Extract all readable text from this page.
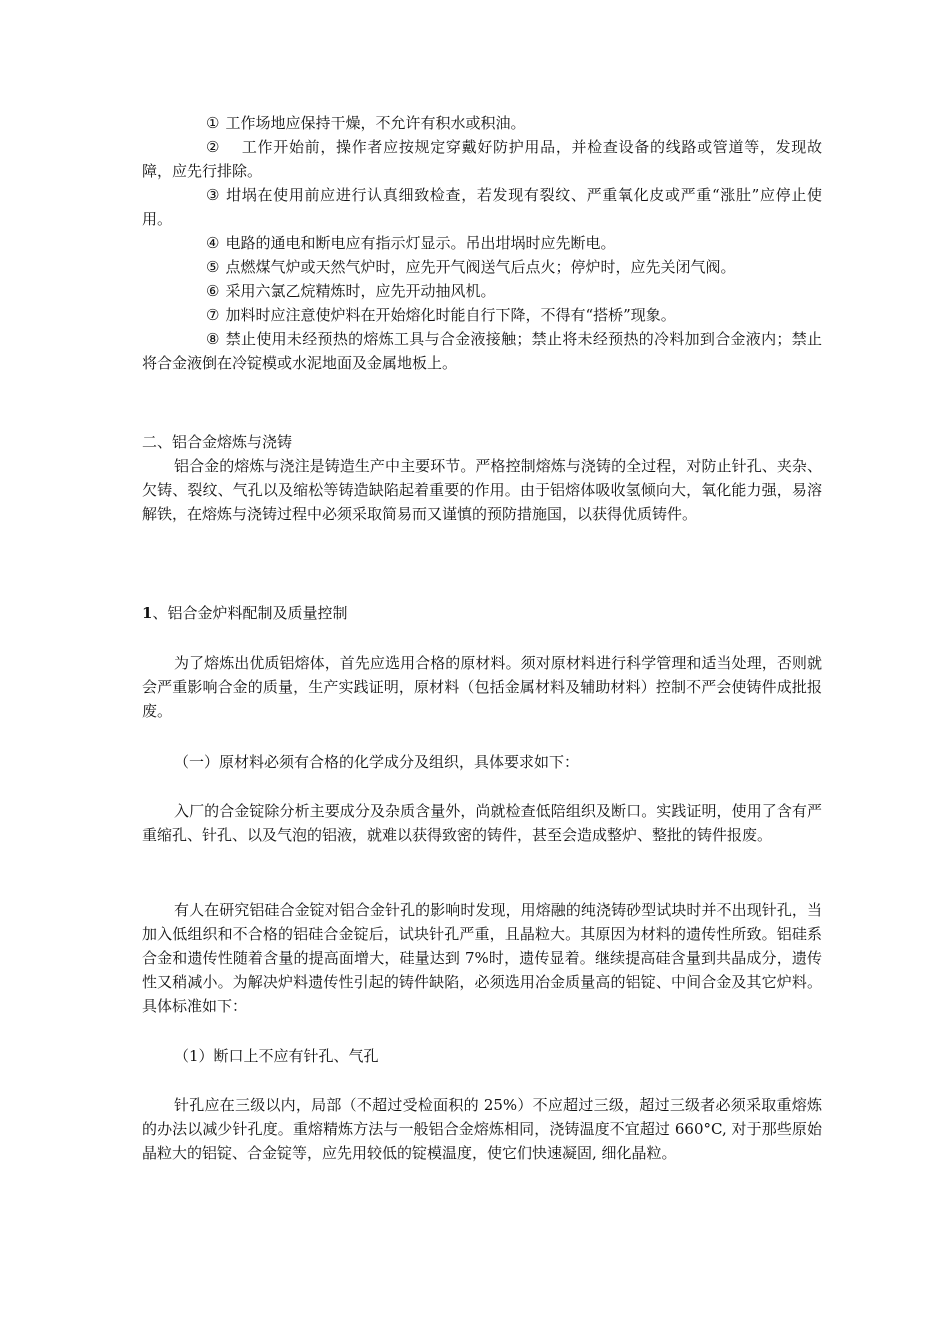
① 工作场地应保持干燥，不允许有积水或积油。

②　工作开始前，操作者应按规定穿戴好防护用品，并检查设备的线路或管道等，发现故障，应先行排除。

③ 坩埚在使用前应进行认真细致检查，若发现有裂纹、严重氧化皮或严重“涨肚”应停止使用。

④ 电路的通电和断电应有指示灯显示。吊出坩埚时应先断电。

⑤ 点燃煤气炉或天然气炉时，应先开气阀送气后点火；停炉时，应先关闭气阀。

⑥ 采用六氯乙烷精炼时，应先开动抽风机。

⑦ 加料时应注意使炉料在开始熔化时能自行下降，不得有“搭桥”现象。

⑧ 禁止使用未经预热的熔炼工具与合金液接触；禁止将未经预热的冷料加到合金液内；禁止将合金液倒在冷锭模或水泥地面及金属地板上。

二、铝合金熔炼与浇铸

铝合金的熔炼与浇注是铸造生产中主要环节。严格控制熔炼与浇铸的全过程，对防止针孔、夹杂、欠铸、裂纹、气孔以及缩松等铸造缺陷起着重要的作用。由于铝熔体吸收氢倾向大，氧化能力强，易溶解铁，在熔炼与浇铸过程中必须采取简易而又谨慎的预防措施国，以获得优质铸件。

1、铝合金炉料配制及质量控制

为了熔炼出优质铝熔体，首先应选用合格的原材料。须对原材料进行科学管理和适当处理，否则就会严重影响合金的质量，生产实践证明，原材料（包括金属材料及辅助材料）控制不严会使铸件成批报废。

（一）原材料必须有合格的化学成分及组织，具体要求如下：

入厂的合金锭除分析主要成分及杂质含量外，尚就检查低陪组织及断口。实践证明，使用了含有严重缩孔、针孔、以及气泡的铝液，就难以获得致密的铸件，甚至会造成整炉、整批的铸件报废。

有人在研究铝硅合金锭对铝合金针孔的影响时发现，用熔融的纯浇铸砂型试块时并不出现针孔，当加入低组织和不合格的铝硅合金锭后，试块针孔严重，且晶粒大。其原因为材料的遗传性所致。铝硅系合金和遗传性随着含量的提高面增大，硅量达到 7%时，遗传显着。继续提高硅含量到共晶成分，遗传性又稍减小。为解决炉料遗传性引起的铸件缺陷，必须选用冶金质量高的铝锭、中间合金及其它炉料。具体标准如下：

（1）断口上不应有针孔、气孔

针孔应在三级以内，局部（不超过受检面积的 25%）不应超过三级，超过三级者必须采取重熔炼的办法以减少针孔度。重熔精炼方法与一般铝合金熔炼相同，浇铸温度不宜超过 660°C, 对于那些原始晶粒大的铝锭、合金锭等，应先用较低的锭模温度，使它们快速凝固, 细化晶粒。
